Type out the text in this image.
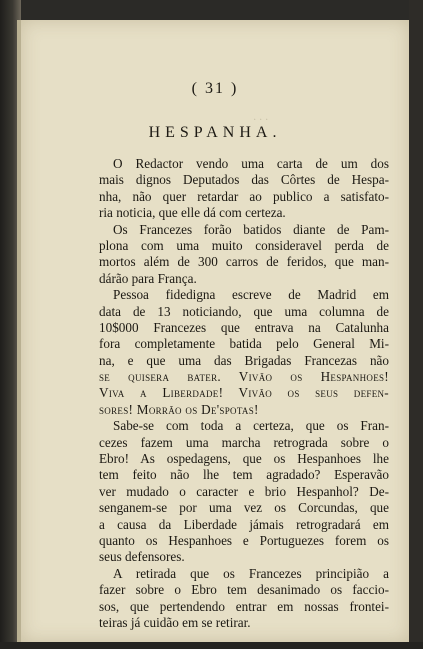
· · ·
( 31 )
HESPANHA.
O Redactor vendo uma carta de um dos
mais dignos Deputados das Côrtes de Hespa-
nha, não quer retardar ao publico a satisfato-
ria noticia, que elle dá com certeza.
Os Francezes forão batidos diante de Pam-
plona com uma muito consideravel perda de
mortos além de 300 carros de feridos, que man-
dárão para França.
Pessoa fidedigna escreve de Madrid em
data de 13 noticiando, que uma columna de
10$000 Francezes que entrava na Catalunha
fora completamente batida pelo General Mi-
na, e que uma das Brigadas Francezas não
se quisera bater. Vivão os Hespanhoes!
Viva a Liberdade! Vivão os seus defen-
sores! Morrão os De'spotas!
Sabe-se com toda a certeza, que os Fran-
cezes fazem uma marcha retrograda sobre o
Ebro! As ospedagens, que os Hespanhoes lhe
tem feito não lhe tem agradado? Esperavão
ver mudado o caracter e brio Hespanhol? De-
senganem-se por uma vez os Corcundas, que
a causa da Liberdade jámais retrogradará em
quanto os Hespanhoes e Portuguezes forem os
seus defensores.
A retirada que os Francezes principião a
fazer sobre o Ebro tem desanimado os faccio-
sos, que pertendendo entrar em nossas frontei-
teiras já cuidão em se retirar.
